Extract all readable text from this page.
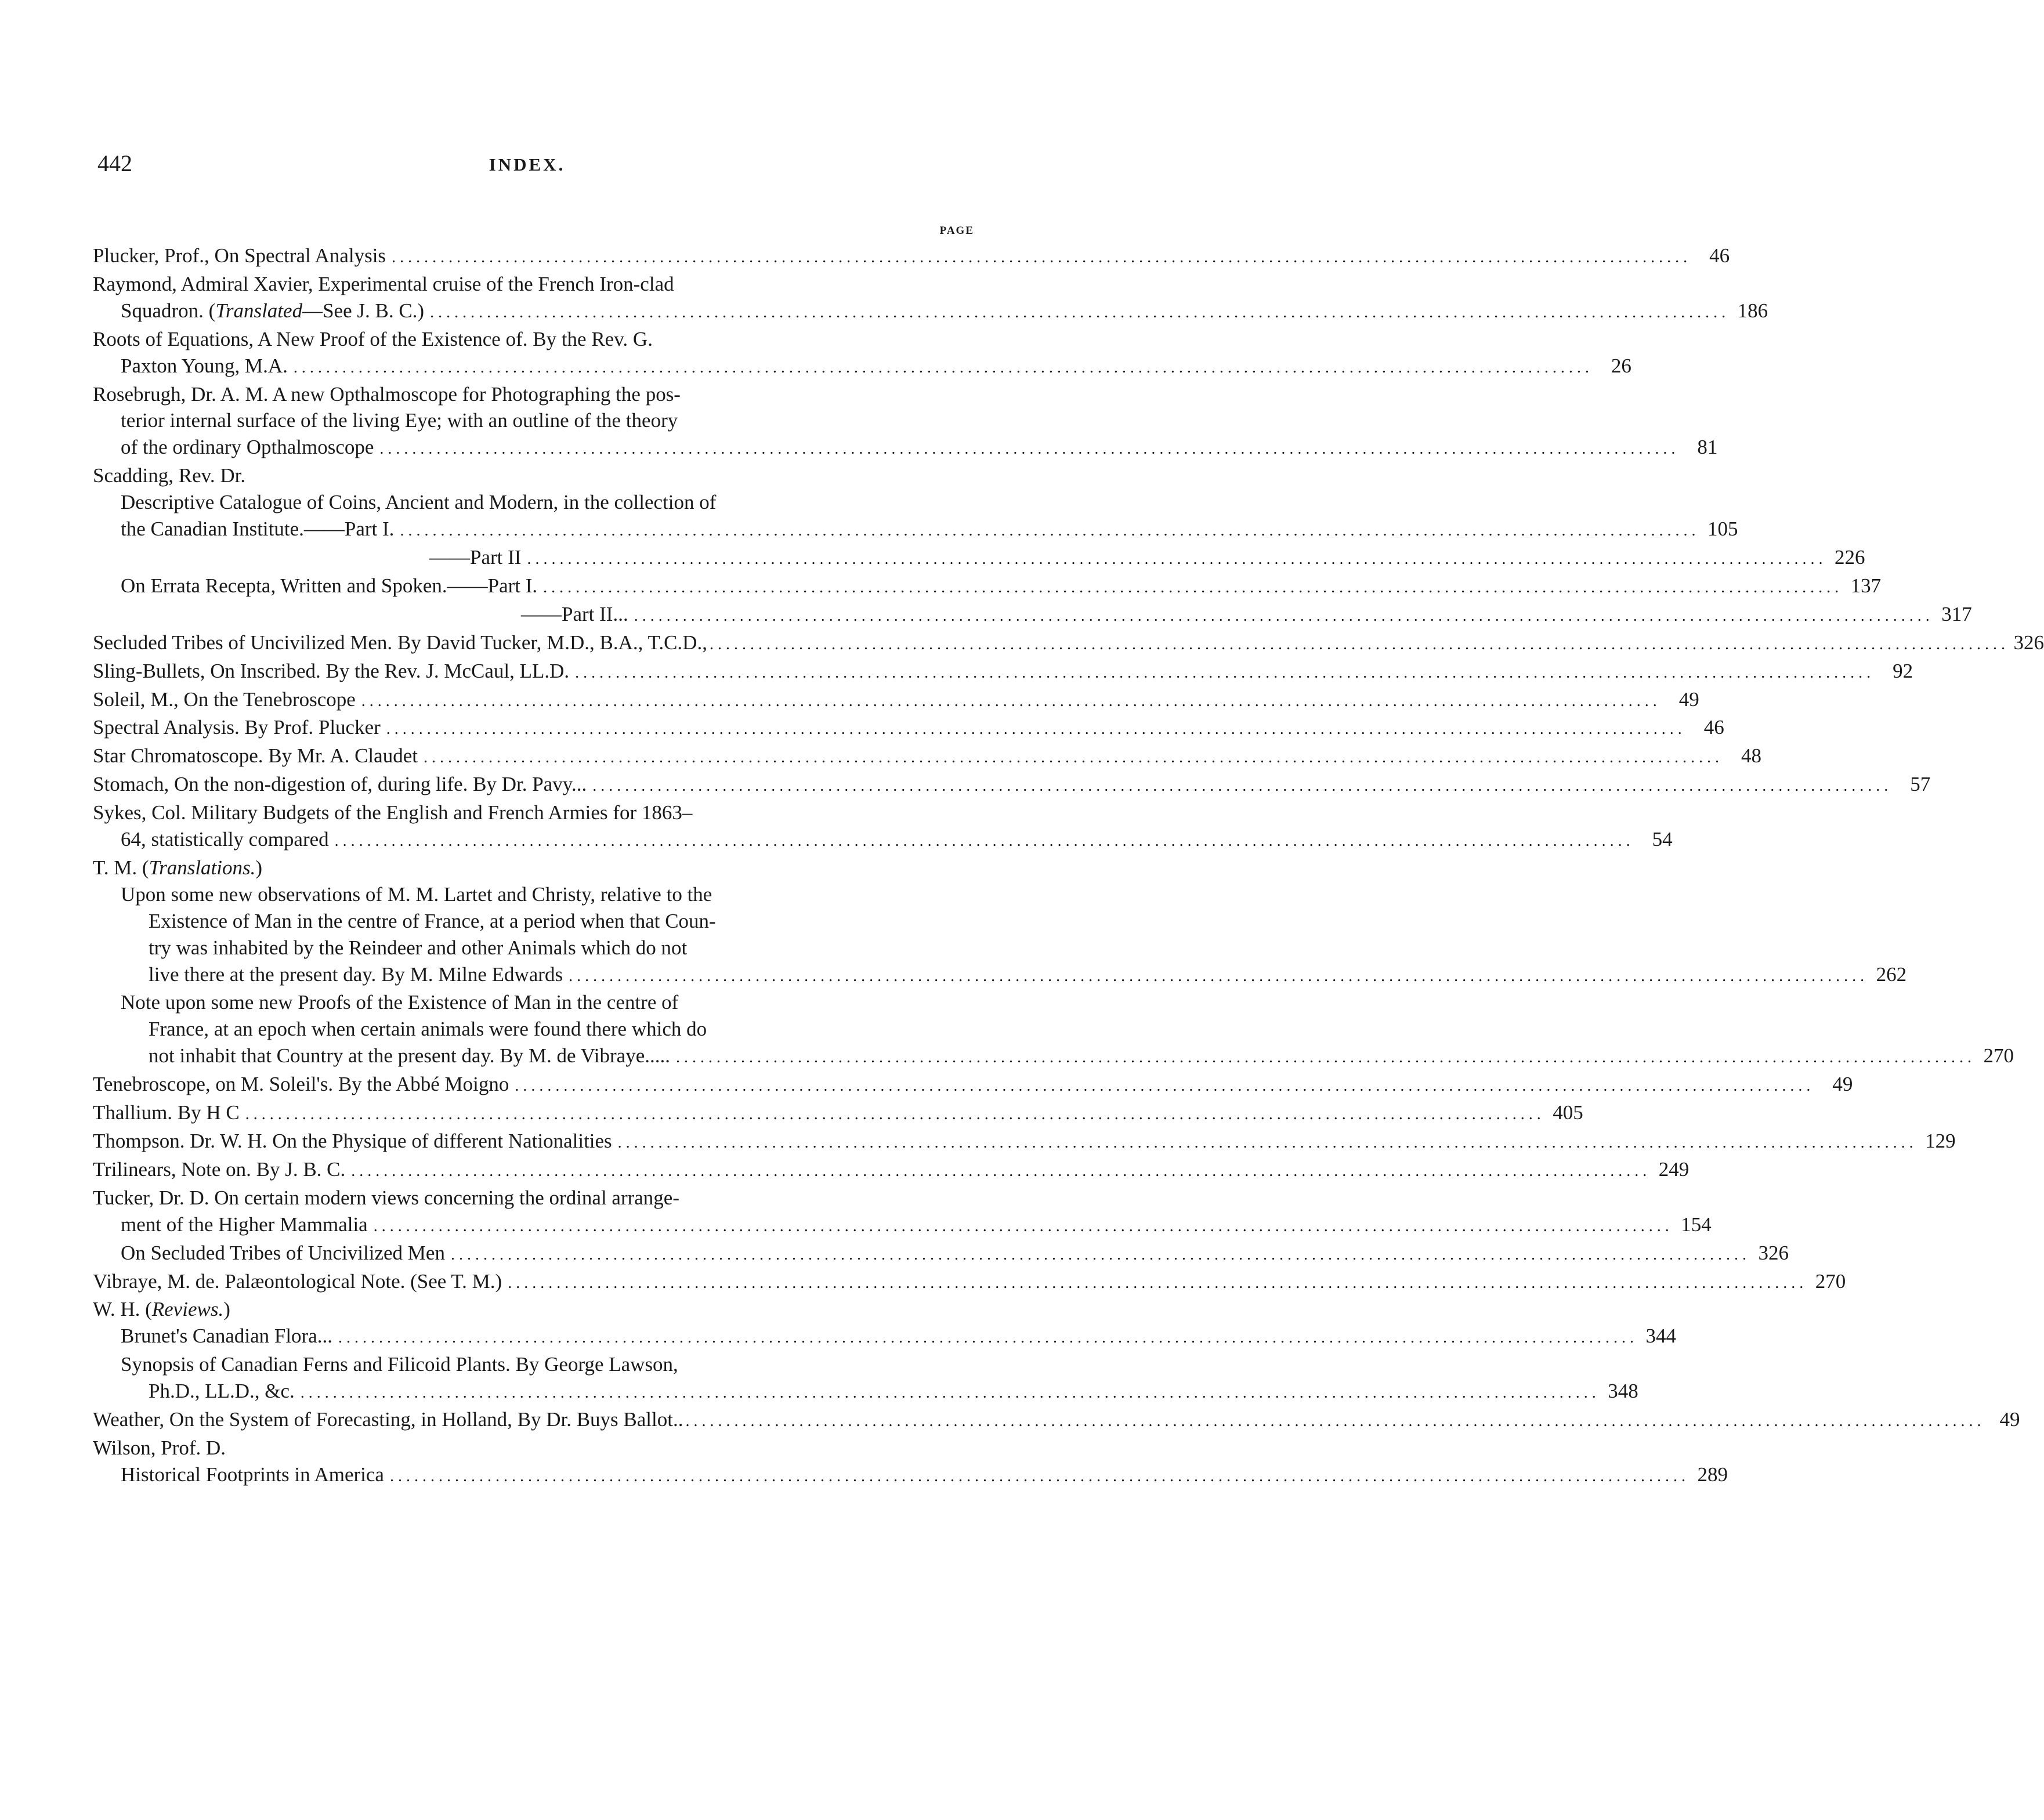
442	INDEX.
PAGE
Plucker, Prof., On Spectral Analysis .....	46
Raymond, Admiral Xavier, Experimental cruise of the French Iron-clad
Squadron. (Translated—See J. B. C.) .....	186
Roots of Equations, A New Proof of the Existence of. By the Rev. G.
Paxton Young, M.A. .....	26
Rosebrugh, Dr. A. M. A new Opthalmoscope for Photographing the pos-
terior internal surface of the living Eye; with an outline of the theory
of the ordinary Opthalmoscope .....	81
Scadding, Rev. Dr.
Descriptive Catalogue of Coins, Ancient and Modern, in the collection of
the Canadian Institute.——Part I. .....	105
——Part II .....	226
On Errata Recepta, Written and Spoken.——Part I. .....	137
——Part II... .....	317
Secluded Tribes of Uncivilized Men. By David Tucker, M.D., B.A., T.C.D., .....	326
Sling-Bullets, On Inscribed. By the Rev. J. McCaul, LL.D. .....	92
Soleil, M., On the Tenebroscope .....	49
Spectral Analysis. By Prof. Plucker .....	46
Star Chromatoscope. By Mr. A. Claudet .....	48
Stomach, On the non-digestion of, during life. By Dr. Pavy... .....	57
Sykes, Col. Military Budgets of the English and French Armies for 1863–
64, statistically compared .....	54
T. M. (Translations.)
Upon some new observations of M. M. Lartet and Christy, relative to the
Existence of Man in the centre of France, at a period when that Coun-
try was inhabited by the Reindeer and other Animals which do not
live there at the present day. By M. Milne Edwards .....	262
Note upon some new Proofs of the Existence of Man in the centre of
France, at an epoch when certain animals were found there which do
not inhabit that Country at the present day. By M. de Vibraye..... .....	270
Tenebroscope, on M. Soleil's. By the Abbé Moigno .....	49
Thallium. By H C .....	405
Thompson. Dr. W. H. On the Physique of different Nationalities .....	129
Trilinears, Note on. By J. B. C. .....	249
Tucker, Dr. D. On certain modern views concerning the ordinal arrange-
ment of the Higher Mammalia .....	154
On Secluded Tribes of Uncivilized Men .....	326
Vibraye, M. de. Palæontological Note. (See T. M.) .....	270
W. H. (Reviews.)
Brunet's Canadian Flora... .....	344
Synopsis of Canadian Ferns and Filicoid Plants. By George Lawson,
Ph.D., LL.D., &c. .....	348
Weather, On the System of Forecasting, in Holland, By Dr. Buys Ballot.. .....	49
Wilson, Prof. D.
Historical Footprints in America .....	289
